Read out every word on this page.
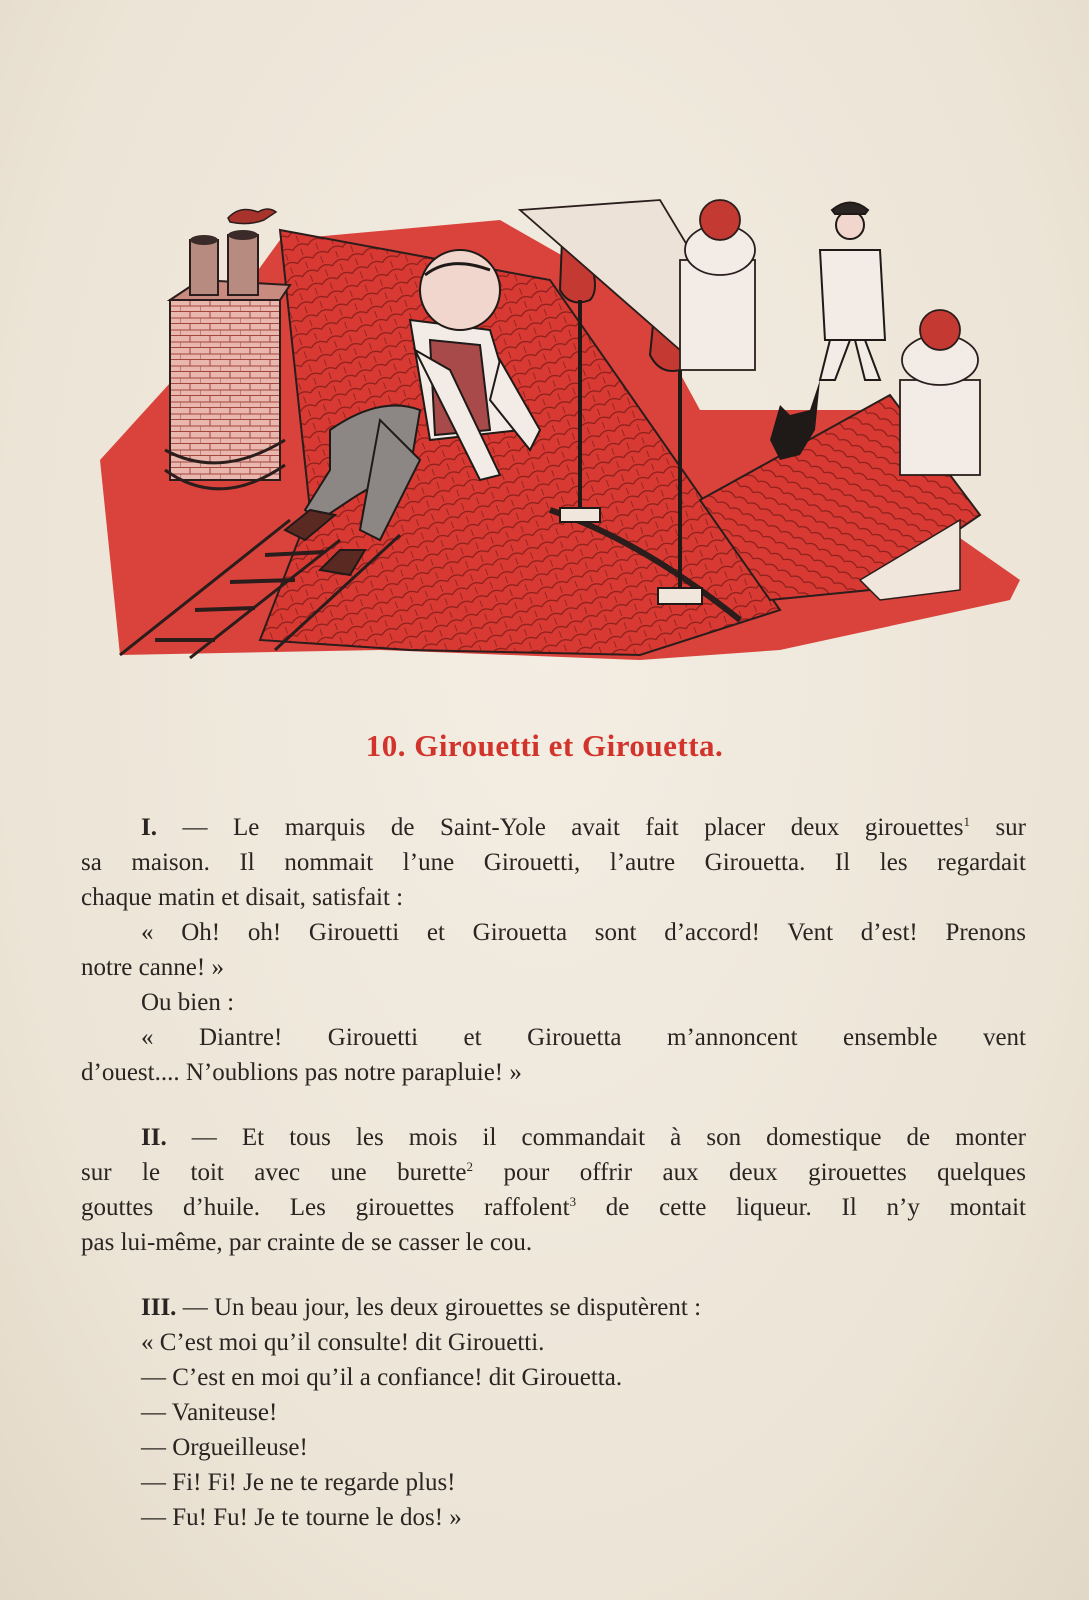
10. Girouetti et Girouetta.
I. — Le marquis de Saint-Yole avait fait placer deux girouettes$^1$ sur
sa maison. Il nommait l’une Girouetti, l’autre Girouetta. Il les regardait
chaque matin et disait, satisfait :
« Oh! oh! Girouetti et Girouetta sont d’accord! Vent d’est! Prenons
notre canne! »
Ou bien :
« Diantre! Girouetti et Girouetta m’annoncent ensemble vent
d’ouest.... N’oublions pas notre parapluie! »
II. — Et tous les mois il commandait à son domestique de monter
sur le toit avec une burette$^2$ pour offrir aux deux girouettes quelques
gouttes d’huile. Les girouettes raffolent$^3$ de cette liqueur. Il n’y montait
pas lui-même, par crainte de se casser le cou.
III. — Un beau jour, les deux girouettes se disputèrent :
« C’est moi qu’il consulte! dit Girouetti.
— C’est en moi qu’il a confiance! dit Girouetta.
— Vaniteuse!
— Orgueilleuse!
— Fi! Fi! Je ne te regarde plus!
— Fu! Fu! Je te tourne le dos! »
